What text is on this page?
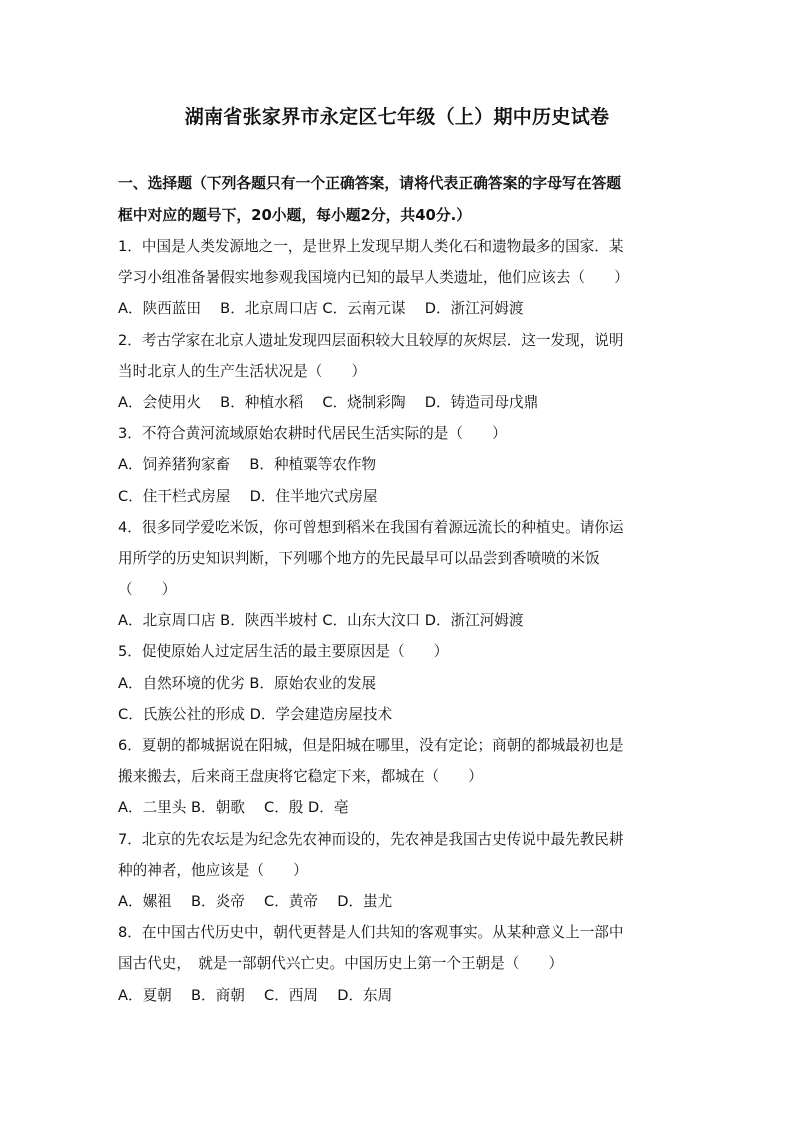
湖南省张家界市永定区七年级（上）期中历史试卷
一、选择题（下列各题只有一个正确答案，请将代表正确答案的字母写在答题
框中对应的题号下，20小题，每小题2分，共40分.）
1．中国是人类发源地之一，是世界上发现早期人类化石和遗物最多的国家．某
学习小组准备暑假实地参观我国境内已知的最早人类遗址，他们应该去（　　）
A．陕西蓝田　 B．北京周口店 C．云南元谋　 D．浙江河姆渡
2．考古学家在北京人遗址发现四层面积较大且较厚的灰烬层．这一发现，说明
当时北京人的生产生活状况是（　　）
A．会使用火　 B．种植水稻　 C．烧制彩陶　 D．铸造司母戊鼎
3．不符合黄河流域原始农耕时代居民生活实际的是（　　）
A．饲养猪狗家畜　 B．种植粟等农作物
C．住干栏式房屋　 D．住半地穴式房屋
4．很多同学爱吃米饭，你可曾想到稻米在我国有着源远流长的种植史。请你运
用所学的历史知识判断，下列哪个地方的先民最早可以品尝到香喷喷的米饭
（　　）
A．北京周口店 B．陕西半坡村 C．山东大汶口 D．浙江河姆渡
5．促使原始人过定居生活的最主要原因是（　　）
A．自然环境的优劣 B．原始农业的发展
C．氏族公社的形成 D．学会建造房屋技术
6．夏朝的都城据说在阳城，但是阳城在哪里，没有定论；商朝的都城最初也是
搬来搬去，后来商王盘庚将它稳定下来，都城在（　　）
A．二里头 B．朝歌　 C．殷 D．亳
7．北京的先农坛是为纪念先农神而设的，先农神是我国古史传说中最先教民耕
种的神者，他应该是（　　）
A．嫘祖　 B．炎帝　 C．黄帝　 D．蚩尤
8．在中国古代历史中，朝代更替是人们共知的客观事实。从某种意义上一部中
国古代史，　就是一部朝代兴亡史。中国历史上第一个王朝是（　　）
A．夏朝　 B．商朝　 C．西周　 D．东周
